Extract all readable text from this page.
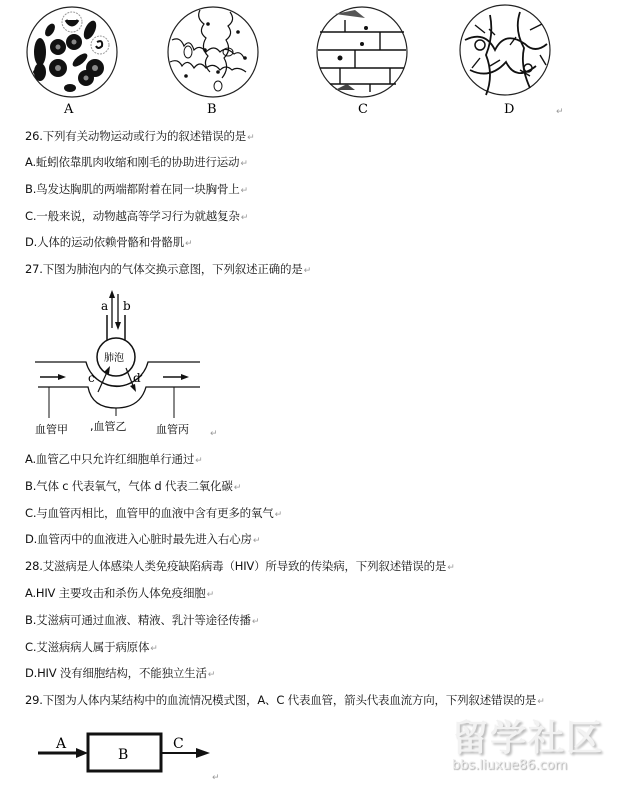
A	B	C	D	↵
26.下列有关动物运动或行为的叙述错误的是↵
A.蚯蚓依靠肌肉收缩和刚毛的协助进行运动↵
B.鸟发达胸肌的两端都附着在同一块胸骨上↵
C.一般来说，动物越高等学习行为就越复杂↵
D.人体的运动依赖骨骼和骨骼肌↵
27.下图为肺泡内的气体交换示意图，下列叙述正确的是↵
a b
肺泡
c	d
血管甲 ,血管乙	血管丙 ↵
A.血管乙中只允许红细胞单行通过↵
B.气体 c 代表氧气，气体 d 代表二氧化碳↵
C.与血管丙相比，血管甲的血液中含有更多的氧气↵
D.血管丙中的血液进入心脏时最先进入右心房↵
28.艾滋病是人体感染人类免疫缺陷病毒（HIV）所导致的传染病，下列叙述错误的是↵
A.HIV 主要攻击和杀伤人体免疫细胞↵
B.艾滋病可通过血液、精液、乳汁等途径传播↵
C.艾滋病病人属于病原体↵
D.HIV 没有细胞结构，不能独立生活↵
29.下图为人体内某结构中的血流情况模式图，A、C 代表血管，箭头代表血流方向，下列叙述错误的是↵
A
B
C
↵
留学社区
bbs.liuxue86.com
